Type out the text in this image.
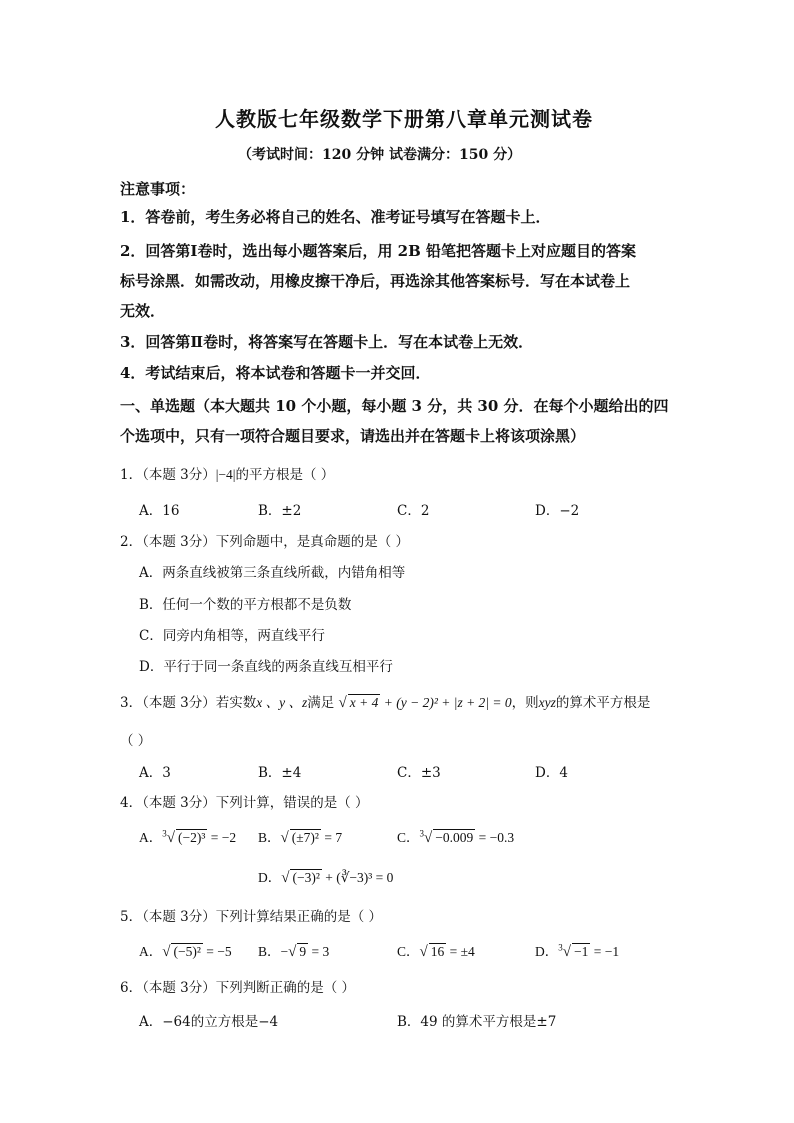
人教版七年级数学下册第八章单元测试卷
（考试时间：120 分钟 试卷满分：150 分）
注意事项：
1．答卷前，考生务必将自己的姓名、准考证号填写在答题卡上．
2．回答第Ⅰ卷时，选出每小题答案后，用 2B 铅笔把答题卡上对应题目的答案
标号涂黑．如需改动，用橡皮擦干净后，再选涂其他答案标号．写在本试卷上
无效．
3．回答第Ⅱ卷时，将答案写在答题卡上．写在本试卷上无效．
4．考试结束后，将本试卷和答题卡一并交回．
一、单选题（本大题共 10 个小题，每小题 3 分，共 30 分．在每个小题给出的四
个选项中，只有一项符合题目要求，请选出并在答题卡上将该项涂黑）
1．（本题 3分）|−4|的平方根是（ ）
A．16	B．±2	C．2	D．−2
2．（本题 3分）下列命题中，是真命题的是（ ）
A．两条直线被第三条直线所截，内错角相等
B．任何一个数的平方根都不是负数
C．同旁内角相等，两直线平行
D．平行于同一条直线的两条直线互相平行
3．（本题 3分）若实数x 、y 、z满足 √ x + 4 + (y − 2)² + |z + 2| = 0，则xyz的算术平方根是
（ ）
A．3	B．±4	C．±3	D．4
4．（本题 3分）下列计算，错误的是（ ）
A．$^3$√ (−2)³ = −2 B．√ (±7)² = 7	C．$^3$√ −0.009 = −0.3
D．√ (−3)² + (∛−3)³ = 0
5．（本题 3分）下列计算结果正确的是（ ）
A．√ (−5)² = −5 B．−√ 9 = 3	C．√ 16 = ±4	D．$^3$√ −1 = −1
6．（本题 3分）下列判断正确的是（ ）
A．−64的立方根是−4	B．49 的算术平方根是±7
